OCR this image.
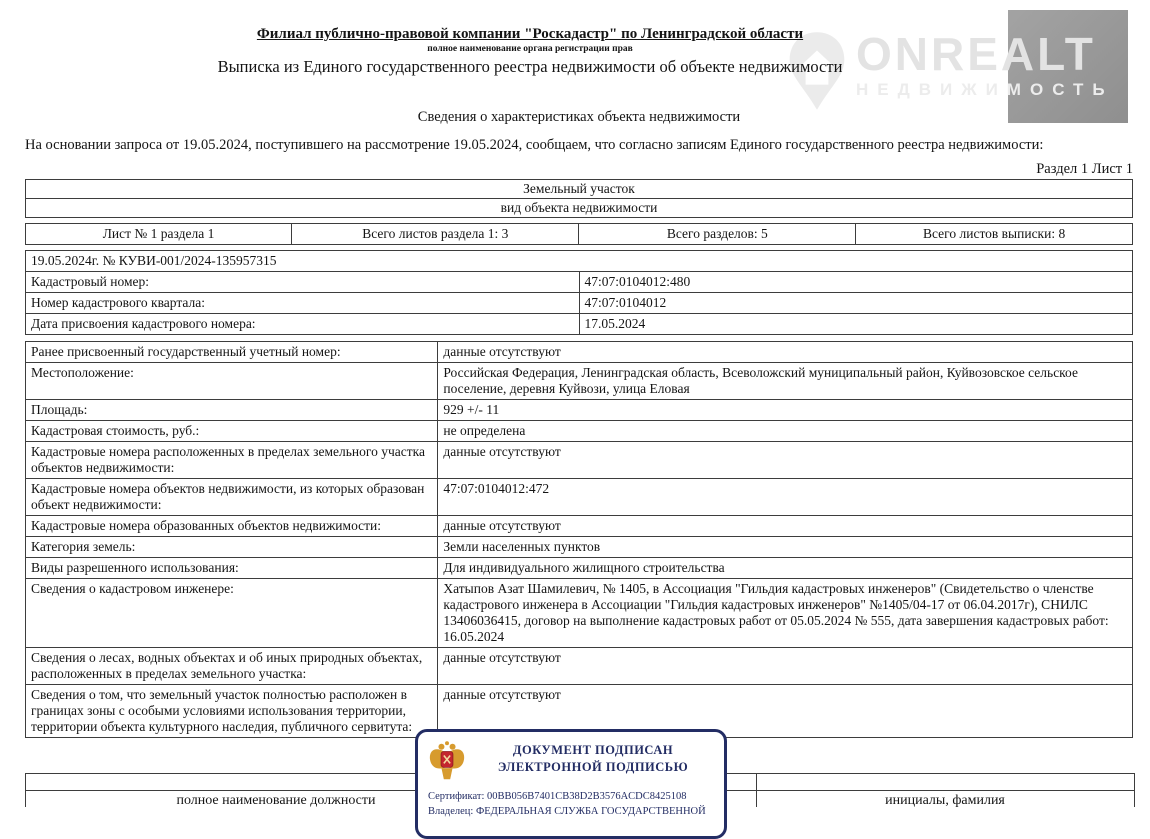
ONREALT
НЕДВИЖИМОСТЬ
Филиал публично-правовой компании "Роскадастр" по Ленинградской области
полное наименование органа регистрации прав
Выписка из Единого государственного реестра недвижимости об объекте недвижимости
Сведения о характеристиках объекта недвижимости
На основании запроса от 19.05.2024, поступившего на рассмотрение 19.05.2024, сообщаем, что согласно записям Единого государственного реестра недвижимости:
Раздел 1 Лист 1
Земельный участок
вид объекта недвижимости
Лист № 1 раздела 1	Всего листов раздела 1: 3	Всего разделов: 5	Всего листов выписки: 8
19.05.2024г. № КУВИ-001/2024-135957315	
Кадастровый номер:	47:07:0104012:480
Номер кадастрового квартала:	47:07:0104012
Дата присвоения кадастрового номера:	17.05.2024
Ранее присвоенный государственный учетный номер:	данные отсутствуют
Местоположение:	Российская Федерация, Ленинградская область, Всеволожский муниципальный район, Куйвозовское сельское поселение, деревня Куйвози, улица Еловая
Площадь:	929 +/- 11
Кадастровая стоимость, руб.:	не определена
Кадастровые номера расположенных в пределах земельного участка объектов недвижимости:	данные отсутствуют
Кадастровые номера объектов недвижимости, из которых образован объект недвижимости:	47:07:0104012:472
Кадастровые номера образованных объектов недвижимости:	данные отсутствуют
Категория земель:	Земли населенных пунктов
Виды разрешенного использования:	Для индивидуального жилищного строительства
Сведения о кадастровом инженере:	Хатыпов Азат Шамилевич, № 1405, в Ассоциация "Гильдия кадастровых инженеров" (Свидетельство о членстве кадастрового инженера в Ассоциации "Гильдия кадастровых инженеров" №1405/04-17 от 06.04.2017г), СНИЛС 13406036415, договор на выполнение кадастровых работ от 05.05.2024 № 555, дата завершения кадастровых работ: 16.05.2024
Сведения о лесах, водных объектах и об иных природных объектах, расположенных в пределах земельного участка:	данные отсутствуют
Сведения о том, что земельный участок полностью расположен в границах зоны с особыми условиями использования территории, территории объекта культурного наследия, публичного сервитута:	данные отсутствуют
полное наименование должности	инициалы, фамилия
ДОКУМЕНТ ПОДПИСАН
ЭЛЕКТРОННОЙ ПОДПИСЬЮ
Сертификат: 00BB056B7401CB38D2B3576ACDC8425108
Владелец: ФЕДЕРАЛЬНАЯ СЛУЖБА ГОСУДАРСТВЕННОЙ
